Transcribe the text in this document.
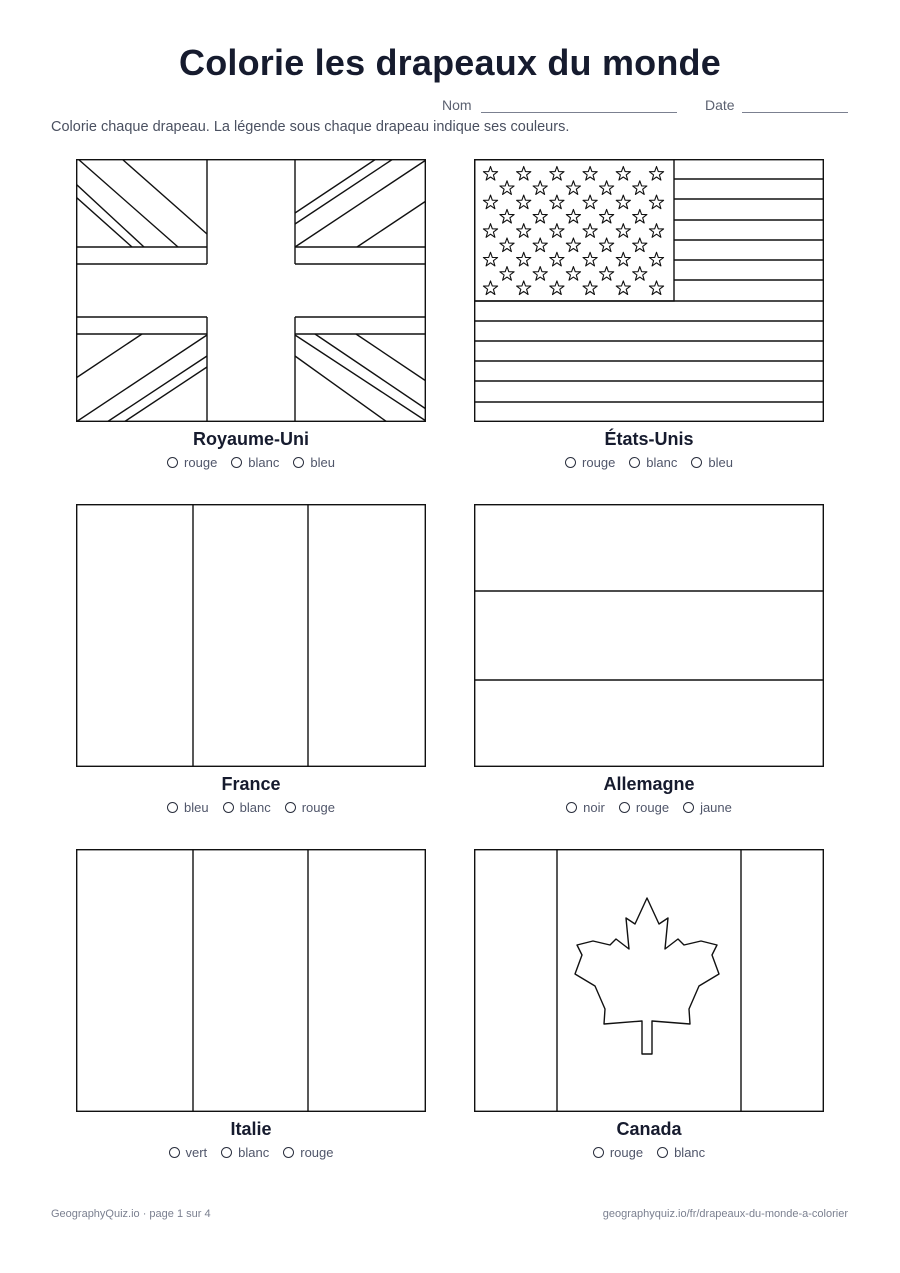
Colorie les drapeaux du monde
Nom	Date
Colorie chaque drapeau. La légende sous chaque drapeau indique ses couleurs.
Royaume-Uni
rouge blanc bleu
États-Unis
rouge blanc bleu
France
bleu blanc rouge
Allemagne
noir rouge jaune
Italie
vert blanc rouge
Canada
rouge blanc
GeographyQuiz.io · page 1 sur 4	geographyquiz.io/fr/drapeaux-du-monde-a-colorier
